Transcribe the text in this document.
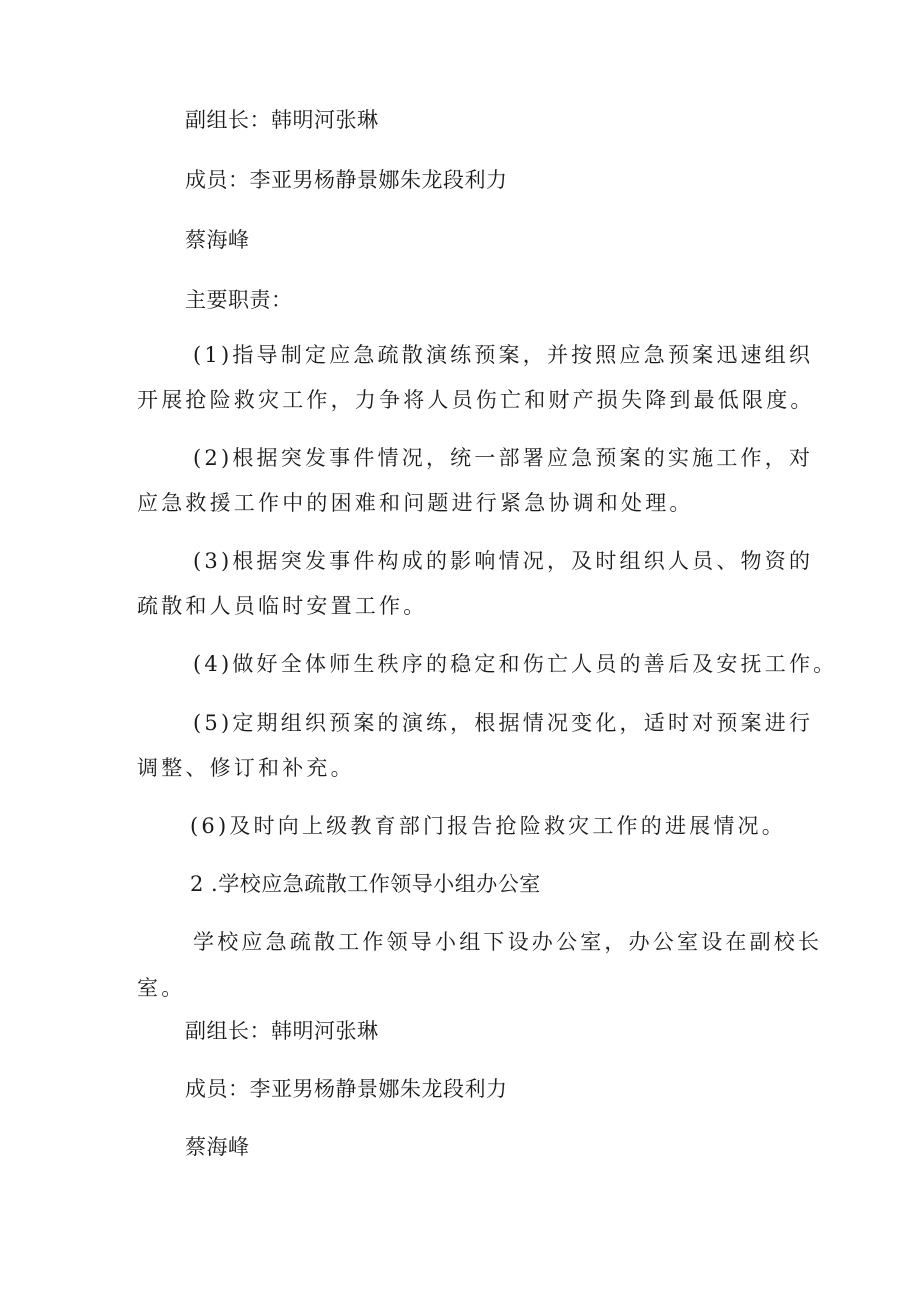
副组长：韩明河张琳
成员：李亚男杨静景娜朱龙段利力
蔡海峰
主要职责：
(1)指导制定应急疏散演练预案，并按照应急预案迅速组织
开展抢险救灾工作，力争将人员伤亡和财产损失降到最低限度。
(2)根据突发事件情况，统一部署应急预案的实施工作，对
应急救援工作中的困难和问题进行紧急协调和处理。
(3)根据突发事件构成的影响情况，及时组织人员、物资的
疏散和人员临时安置工作。
(4)做好全体师生秩序的稳定和伤亡人员的善后及安抚工作。
(5)定期组织预案的演练，根据情况变化，适时对预案进行
调整、修订和补充。
(6)及时向上级教育部门报告抢险救灾工作的进展情况。
2 .学校应急疏散工作领导小组办公室
学校应急疏散工作领导小组下设办公室，办公室设在副校长
室。
副组长：韩明河张琳
成员：李亚男杨静景娜朱龙段利力
蔡海峰
